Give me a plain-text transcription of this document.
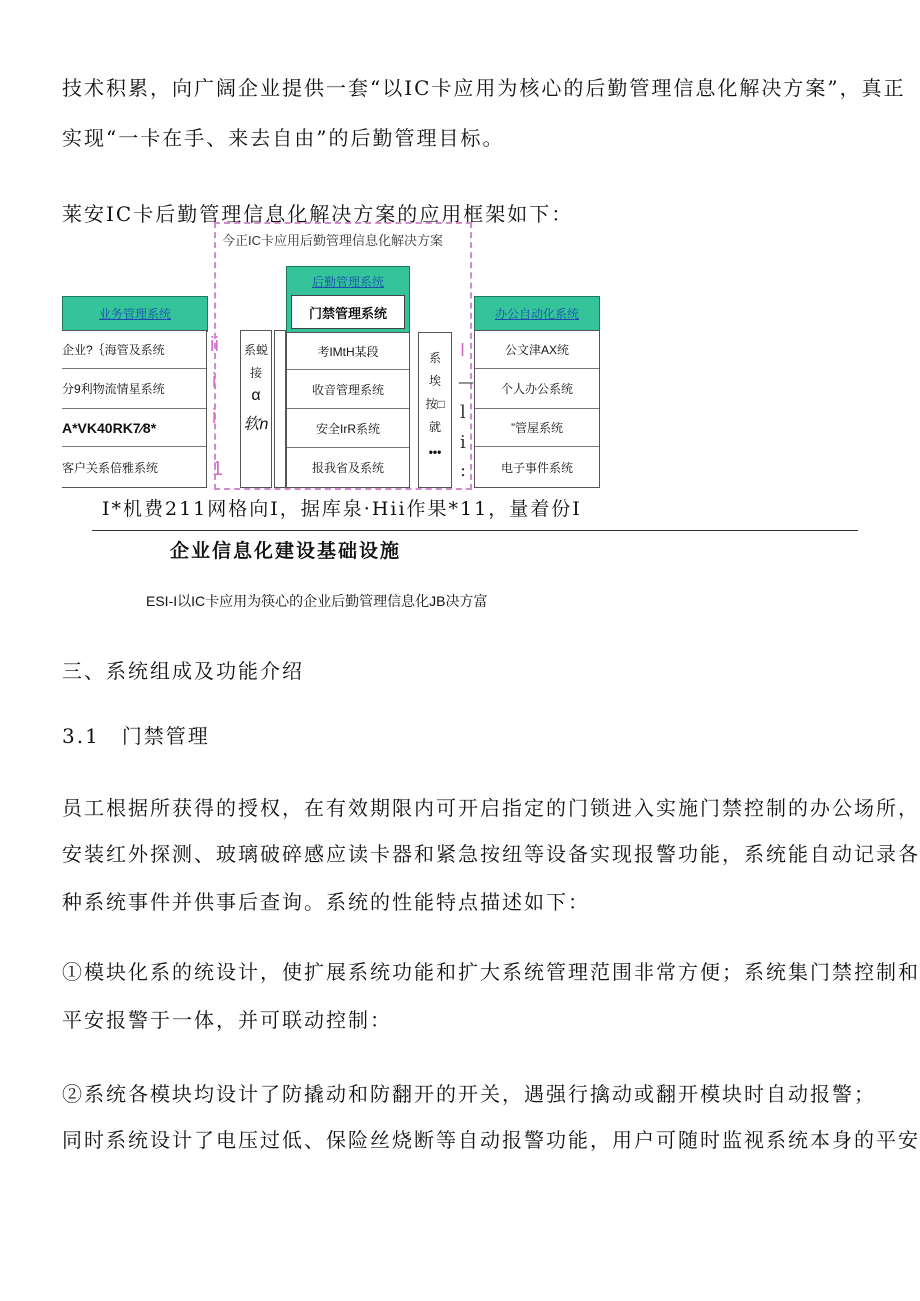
技术积累，向广阔企业提供一套“以IC卡应用为核心的后勤管理信息化解决方案”，真正

实现“一卡在手、来去自由”的后勤管理目标。

莱安IC卡后勤管理信息化解决方案的应用框架如下：

今正IC卡应用后勤管理信息化解决方案
业务管理系统
企业?｛海管及系统
分9利物流情星系统
A*VK40RK7⁄8*
客户关系倍雅系统
ii
i
i
1
系蜕
接
α
软n
后勤管理系统
门禁管理系统
考IMtH某段
收音管理系统
安全IrR系统
报我省及系统
系
埃
按□
就
•••
I
—
l
i
:
办公自动化系统
公文津AX统
个人办公系统
”管屋系统
电子事件系统

I*机费211网格向I，据库泉·Hii作果*11，量着份I

企业信息化建设基础设施

ESI-I以IC卡应用为筷心的企业后勤管理信息化JB决方富

三、系统组成及功能介绍

3.1 门禁管理

员工根据所获得的授权，在有效期限内可开启指定的门锁进入实施门禁控制的办公场所，

安装红外探测、玻璃破碎感应读卡器和紧急按纽等设备实现报警功能，系统能自动记录各

种系统事件并供事后查询。系统的性能特点描述如下：

①模块化系的统设计，使扩展系统功能和扩大系统管理范围非常方便；系统集门禁控制和

平安报警于一体，并可联动控制：

②系统各模块均设计了防撬动和防翻开的开关，遇强行擒动或翻开模块时自动报警；

同时系统设计了电压过低、保险丝烧断等自动报警功能，用户可随时监视系统本身的平安
